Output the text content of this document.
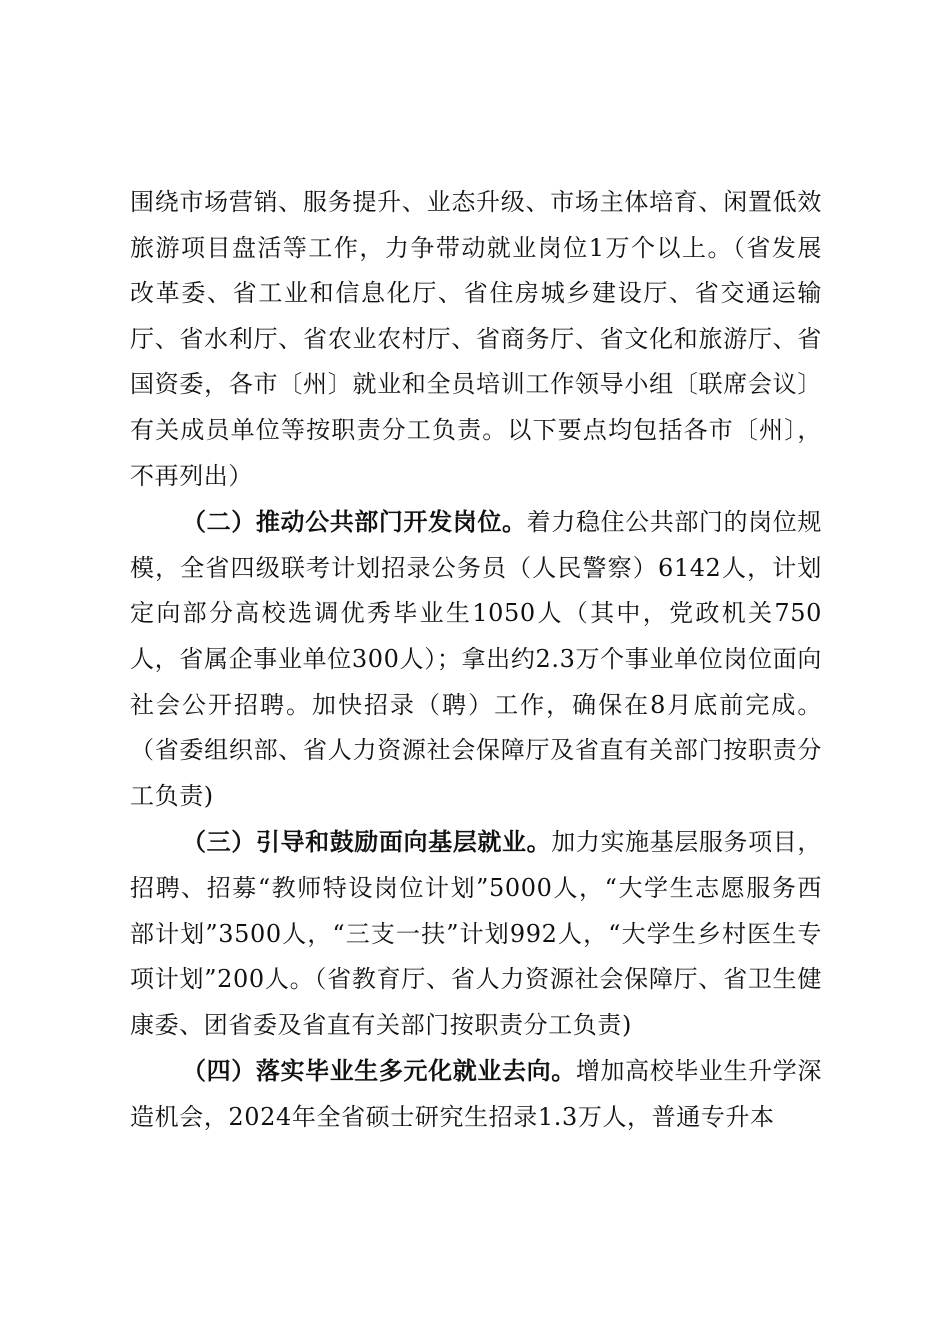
围绕市场营销、服务提升、业态升级、市场主体培育、闲置低效旅游项目盘活等工作，力争带动就业岗位1万个以上。（省发展改革委、省工业和信息化厅、省住房城乡建设厅、省交通运输厅、省水利厅、省农业农村厅、省商务厅、省文化和旅游厅、省国资委，各市〔州〕就业和全员培训工作领导小组〔联席会议〕有关成员单位等按职责分工负责。以下要点均包括各市〔州〕，不再列出）

（二）推动公共部门开发岗位。着力稳住公共部门的岗位规模，全省四级联考计划招录公务员（人民警察）6142人，计划定向部分高校选调优秀毕业生1050人（其中，党政机关750人，省属企事业单位300人）；拿出约2.3万个事业单位岗位面向社会公开招聘。加快招录（聘）工作，确保在8月底前完成。（省委组织部、省人力资源社会保障厅及省直有关部门按职责分工负责)

（三）引导和鼓励面向基层就业。加力实施基层服务项目，招聘、招募“教师特设岗位计划”5000人，“大学生志愿服务西部计划”3500人，“三支一扶”计划992人，“大学生乡村医生专项计划”200人。（省教育厅、省人力资源社会保障厅、省卫生健康委、团省委及省直有关部门按职责分工负责)

（四）落实毕业生多元化就业去向。增加高校毕业生升学深造机会，2024年全省硕士研究生招录1.3万人，普通专升本
